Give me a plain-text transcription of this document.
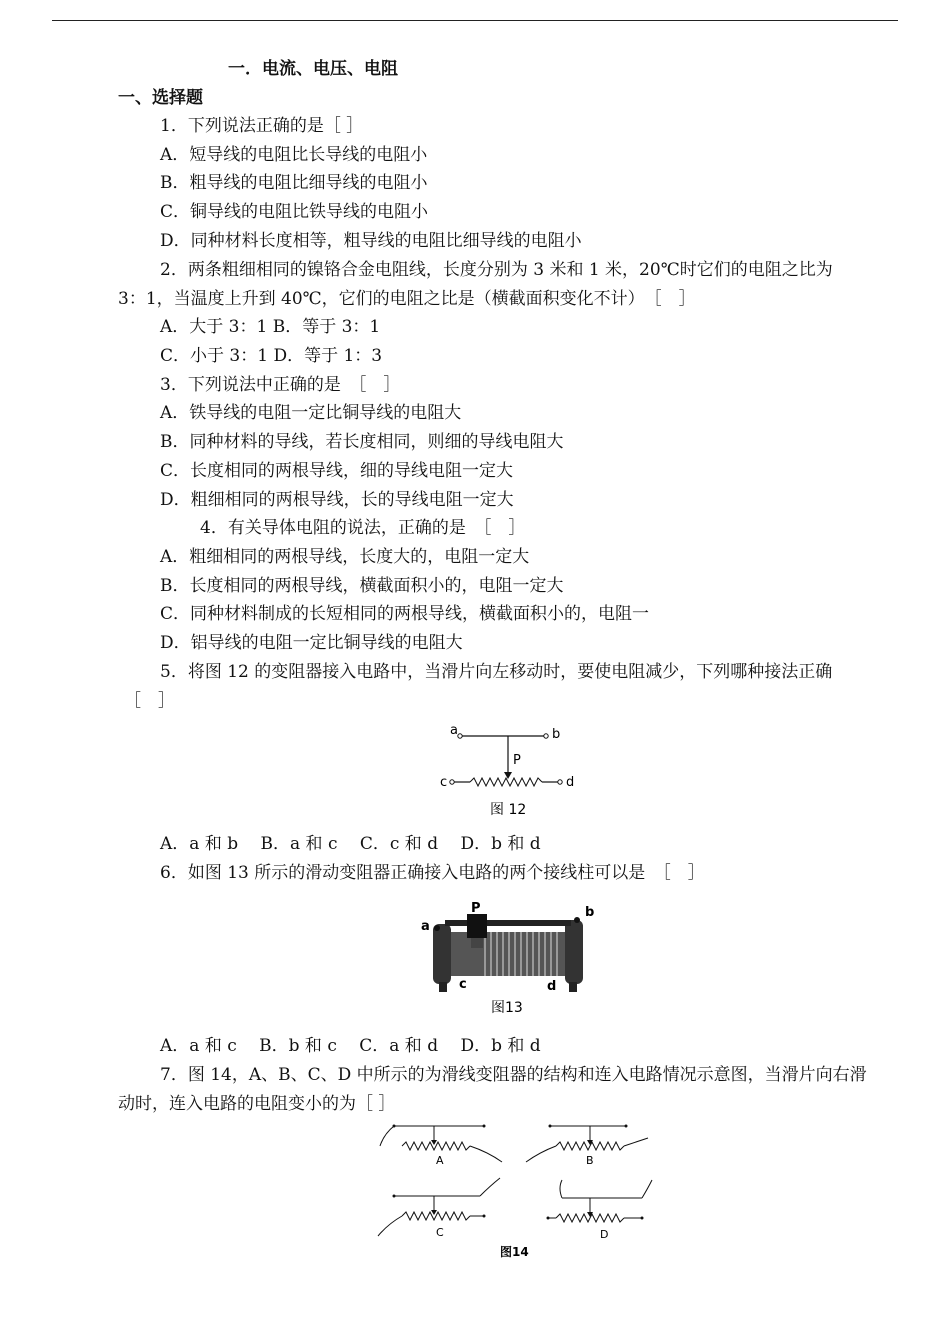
一．电流、电压、电阻
一、选择题
1．下列说法正确的是［ ］
A．短导线的电阻比长导线的电阻小
B．粗导线的电阻比细导线的电阻小
C．铜导线的电阻比铁导线的电阻小
D．同种材料长度相等，粗导线的电阻比细导线的电阻小
2．两条粗细相同的镍铬合金电阻线，长度分别为 3 米和 1 米，20℃时它们的电阻之比为
3：1，当温度上升到 40℃，它们的电阻之比是（横截面积变化不计）　［　］
A．大于 3：1 B．等于 3：1
C．小于 3：1 D．等于 1：3
3．下列说法中正确的是　［　］
A．铁导线的电阻一定比铜导线的电阻大
B．同种材料的导线，若长度相同，则细的导线电阻大
C．长度相同的两根导线，细的导线电阻一定大
D．粗细相同的两根导线，长的导线电阻一定大
4．有关导体电阻的说法，正确的是　［　］
A．粗细相同的两根导线，长度大的，电阻一定大
B．长度相同的两根导线，横截面积小的，电阻一定大
C．同种材料制成的长短相同的两根导线，横截面积小的，电阻一
D．铝导线的电阻一定比铜导线的电阻大
5．将图 12 的变阻器接入电路中，当滑片向左移动时，要使电阻减少，下列哪种接法正确
［　］
a	b
P
c	d
图 12
A．a 和 b　 B．a 和 c　 C．c 和 d　 D．b 和 d
6．如图 13 所示的滑动变阻器正确接入电路的两个接线柱可以是　［　］
a
P	b
c	d
图13
A．a 和 c　 B．b 和 c　 C．a 和 d　 D．b 和 d
7．图 14，A、B、C、D 中所示的为滑线变阻器的结构和连入电路情况示意图，当滑片向右滑
动时，连入电路的电阻变小的为［ ］
A	B
C	D
图14
